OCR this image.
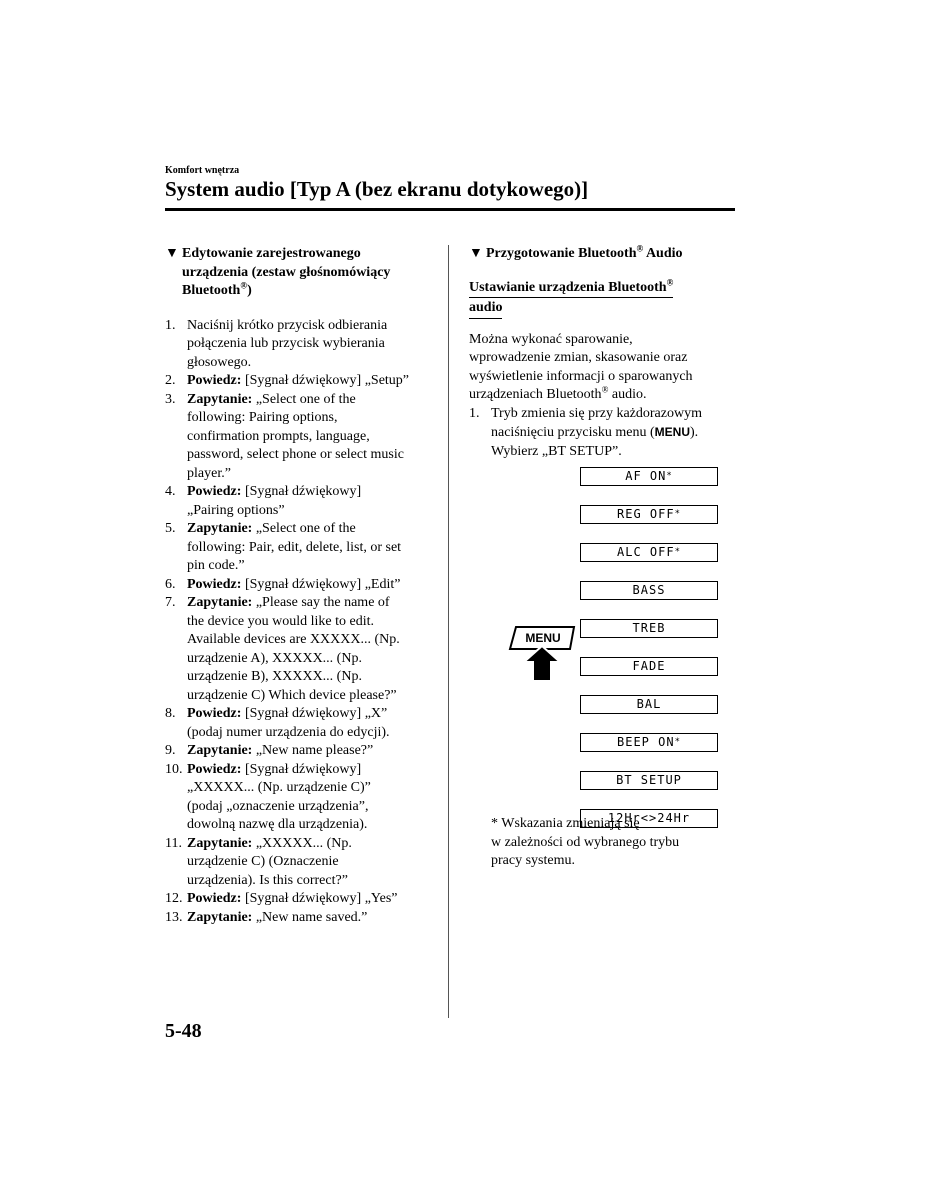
Komfort wnętrza
System audio [Typ A (bez ekranu dotykowego)]
▼ Edytowanie zarejestrowanego
urządzenia (zestaw głośnomówiący
Bluetooth®)
1. Naciśnij krótko przycisk odbierania
połączenia lub przycisk wybierania
głosowego.
2. Powiedz: [Sygnał dźwiękowy] „Setup”
3. Zapytanie: „Select one of the
following: Pairing options,
confirmation prompts, language,
password, select phone or select music
player.”
4. Powiedz: [Sygnał dźwiękowy]
„Pairing options”
5. Zapytanie: „Select one of the
following: Pair, edit, delete, list, or set
pin code.”
6. Powiedz: [Sygnał dźwiękowy] „Edit”
7. Zapytanie: „Please say the name of
the device you would like to edit.
Available devices are XXXXX... (Np.
urządzenie A), XXXXX... (Np.
urządzenie B), XXXXX... (Np.
urządzenie C) Which device please?”
8. Powiedz: [Sygnał dźwiękowy] „X”
(podaj numer urządzenia do edycji).
9. Zapytanie: „New name please?”
10. Powiedz: [Sygnał dźwiękowy]
„XXXXX... (Np. urządzenie C)”
(podaj „oznaczenie urządzenia”,
dowolną nazwę dla urządzenia).
11. Zapytanie: „XXXXX... (Np.
urządzenie C) (Oznaczenie
urządzenia). Is this correct?”
12. Powiedz: [Sygnał dźwiękowy] „Yes”
13. Zapytanie: „New name saved.”
▼ Przygotowanie Bluetooth® Audio
Ustawianie urządzenia Bluetooth®
audio
Można wykonać sparowanie,
wprowadzenie zmian, skasowanie oraz
wyświetlenie informacji o sparowanych
urządzeniach Bluetooth® audio.
1. Tryb zmienia się przy każdorazowym
naciśnięciu przycisku menu (MENU).
Wybierz „BT SETUP”.
MENU
AF ON*
REG OFF*
ALC OFF*
BASS
TREB
FADE
BAL
BEEP ON*
BT SETUP
12Hr<>24Hr
* Wskazania zmieniają się
w zależności od wybranego trybu
pracy systemu.
5-48
